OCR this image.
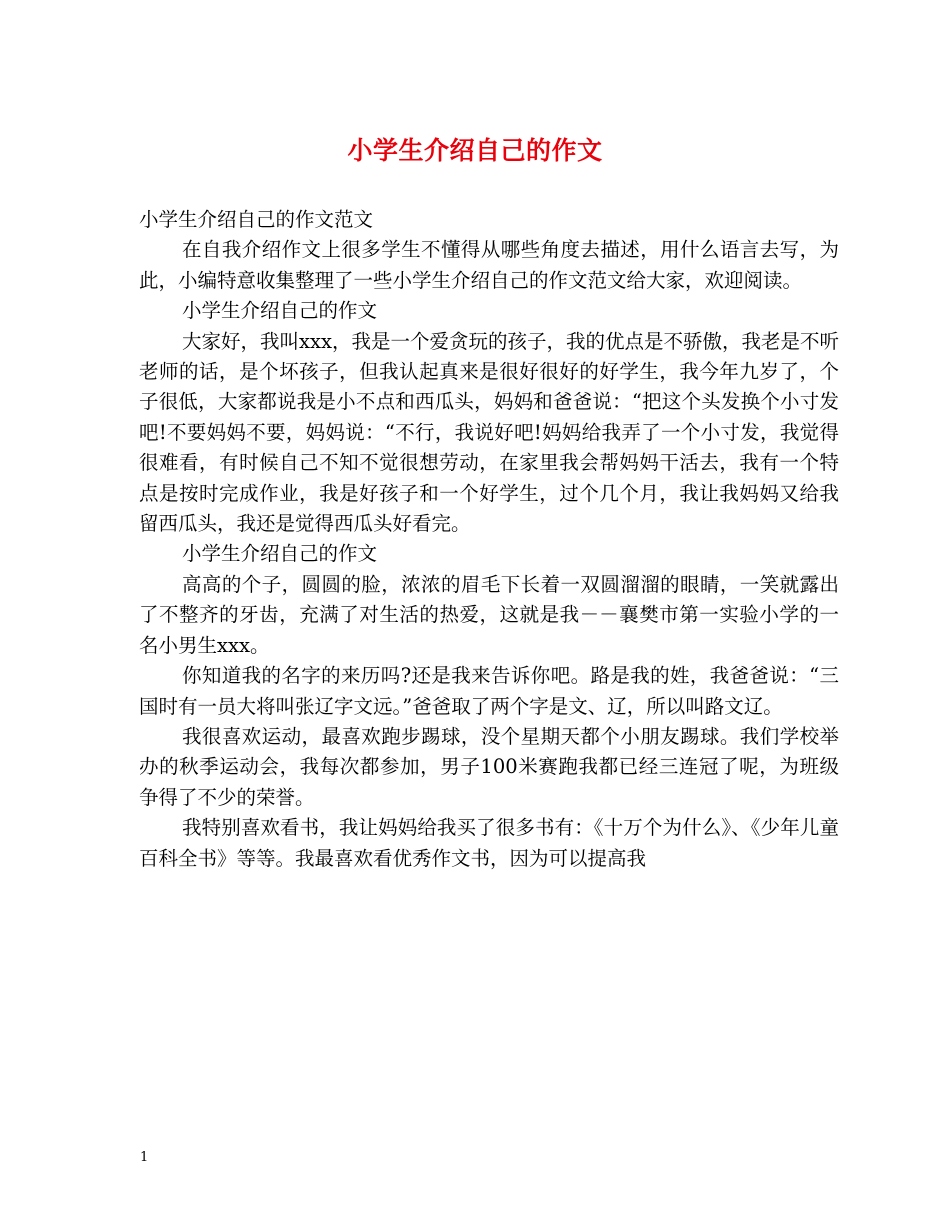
小学生介绍自己的作文

小学生介绍自己的作文范文

在自我介绍作文上很多学生不懂得从哪些角度去描述，用什么语言去写，为此，小编特意收集整理了一些小学生介绍自己的作文范文给大家，欢迎阅读。

小学生介绍自己的作文

大家好，我叫xxx，我是一个爱贪玩的孩子，我的优点是不骄傲，我老是不听老师的话，是个坏孩子，但我认起真来是很好很好的好学生，我今年九岁了，个子很低，大家都说我是小不点和西瓜头，妈妈和爸爸说：“把这个头发换个小寸发吧!不要妈妈不要，妈妈说：“不行，我说好吧!妈妈给我弄了一个小寸发，我觉得很难看，有时候自己不知不觉很想劳动，在家里我会帮妈妈干活去，我有一个特点是按时完成作业，我是好孩子和一个好学生，过个几个月，我让我妈妈又给我留西瓜头，我还是觉得西瓜头好看完。

小学生介绍自己的作文

高高的个子，圆圆的脸，浓浓的眉毛下长着一双圆溜溜的眼睛，一笑就露出了不整齐的牙齿，充满了对生活的热爱，这就是我－－襄樊市第一实验小学的一名小男生xxx。

你知道我的名字的来历吗?还是我来告诉你吧。路是我的姓，我爸爸说：“三国时有一员大将叫张辽字文远。”爸爸取了两个字是文、辽，所以叫路文辽。

我很喜欢运动，最喜欢跑步踢球，没个星期天都个小朋友踢球。我们学校举办的秋季运动会，我每次都参加，男子100米赛跑我都已经三连冠了呢，为班级争得了不少的荣誉。

我特别喜欢看书，我让妈妈给我买了很多书有：《十万个为什么》、《少年儿童百科全书》等等。我最喜欢看优秀作文书，因为可以提高我

1
